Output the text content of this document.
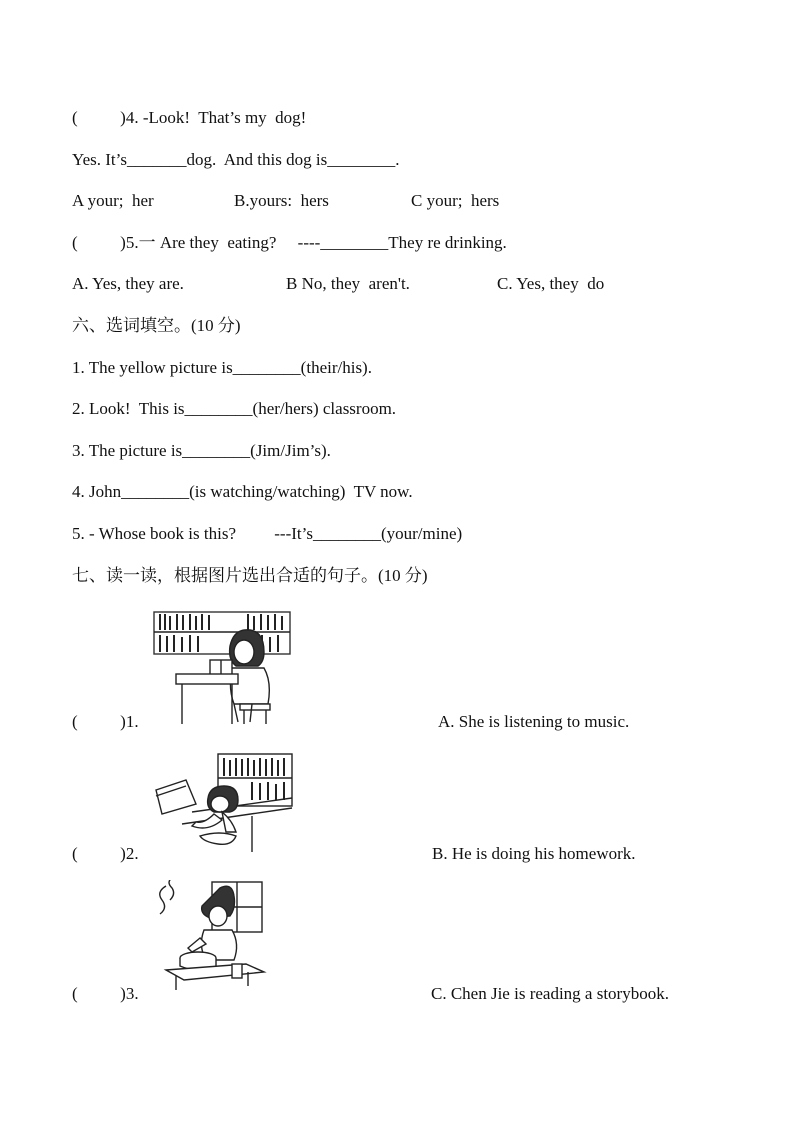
(          )4. -Look!  That’s my  dog!
Yes. It’s_______dog.  And this dog is________.
A your;  her	B.yours:  hers	C your;  hers
(          )5.一 Are they  eating?     ----________They re drinking.
A. Yes, they are.	B No, they  aren't.	C. Yes, they  do
六、选词填空。(10 分)
1. The yellow picture is________(their/his).
2. Look!  This is________(her/hers) classroom.
3. The picture is________(Jim/Jim’s).
4. John________(is watching/watching)  TV now.
5. - Whose book is this?         ---It’s________(your/mine)
七、读一读，根据图片选出合适的句子。(10 分)
(          )1.	A. She is listening to music.
(          )2.	B. He is doing his homework.
(          )3.	C. Chen Jie is reading a storybook.
